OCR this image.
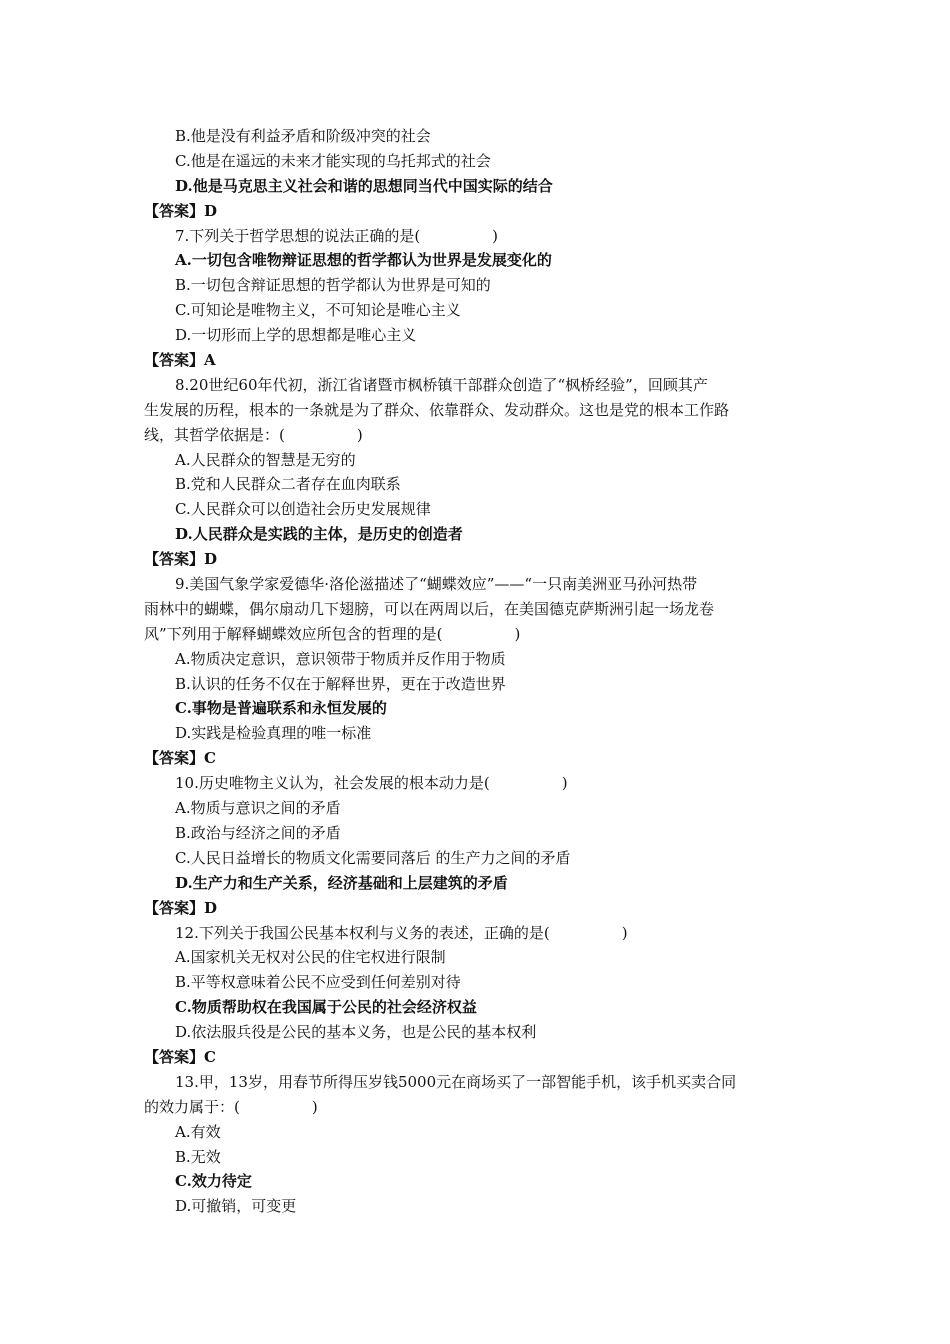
B.他是没有利益矛盾和阶级冲突的社会
C.他是在遥远的未来才能实现的乌托邦式的社会
D.他是马克思主义社会和谐的思想同当代中国实际的结合
【答案】D
7.下列关于哲学思想的说法正确的是(	)
A.一切包含唯物辩证思想的哲学都认为世界是发展变化的
B.一切包含辩证思想的哲学都认为世界是可知的
C.可知论是唯物主义，不可知论是唯心主义
D.一切形而上学的思想都是唯心主义
【答案】A
8.20世纪60年代初，浙江省诸暨市枫桥镇干部群众创造了“枫桥经验”，回顾其产
生发展的历程，根本的一条就是为了群众、依靠群众、发动群众。这也是党的根本工作路
线，其哲学依据是：(	)
A.人民群众的智慧是无穷的
B.党和人民群众二者存在血肉联系
C.人民群众可以创造社会历史发展规律
D.人民群众是实践的主体，是历史的创造者
【答案】D
9.美国气象学家爱德华·洛伦滋描述了“蝴蝶效应”——“一只南美洲亚马孙河热带
雨林中的蝴蝶，偶尔扇动几下翅膀，可以在两周以后，在美国德克萨斯洲引起一场龙卷
风”下列用于解释蝴蝶效应所包含的哲理的是(	)
A.物质决定意识，意识领带于物质并反作用于物质
B.认识的任务不仅在于解释世界，更在于改造世界
C.事物是普遍联系和永恒发展的
D.实践是检验真理的唯一标准
【答案】C
10.历史唯物主义认为，社会发展的根本动力是(	)
A.物质与意识之间的矛盾
B.政治与经济之间的矛盾
C.人民日益增长的物质文化需要同落后 的生产力之间的矛盾
D.生产力和生产关系，经济基础和上层建筑的矛盾
【答案】D
12.下列关于我国公民基本权利与义务的表述，正确的是(	)
A.国家机关无权对公民的住宅权进行限制
B.平等权意味着公民不应受到任何差别对待
C.物质帮助权在我国属于公民的社会经济权益
D.依法服兵役是公民的基本义务，也是公民的基本权利
【答案】C
13.甲，13岁，用春节所得压岁钱5000元在商场买了一部智能手机，该手机买卖合同
的效力属于：(	)
A.有效
B.无效
C.效力待定
D.可撤销，可变更
